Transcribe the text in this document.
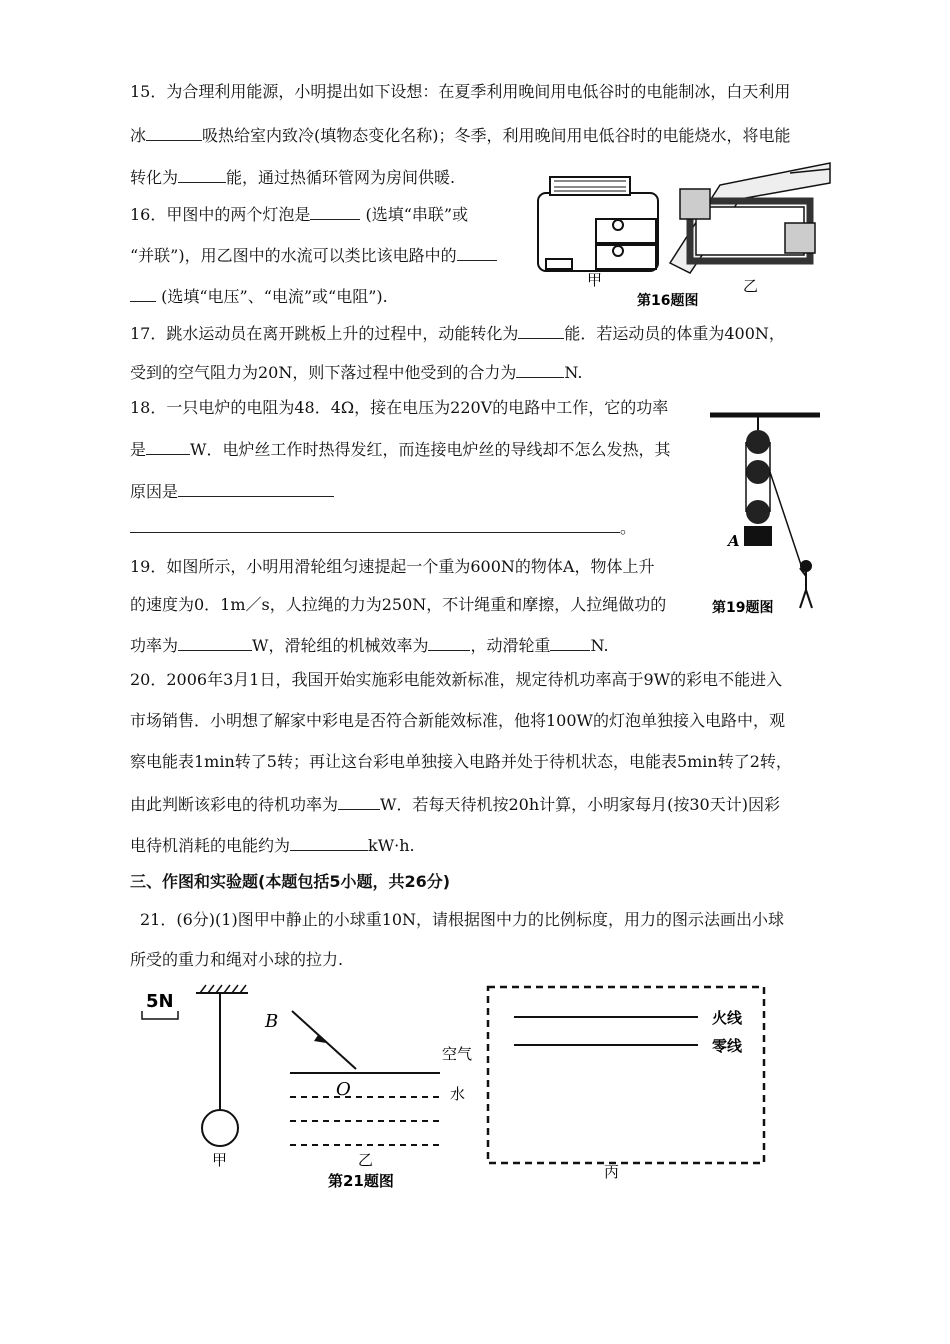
15．为合理利用能源，小明提出如下设想：在夏季利用晚间用电低谷时的电能制冰，白天利用
冰	吸热给室内致冷(填物态变化名称)；冬季，利用晚间用电低谷时的电能烧水，将电能
转化为	能，通过热循环管网为房间供暖.
16．甲图中的两个灯泡是	(选填“串联”或
“并联”)，用乙图中的水流可以类比该电路中的
(选填“电压”、“电流”或“电阻”).
甲	乙
第16题图
17．跳水运动员在离开跳板上升的过程中，动能转化为	能．若运动员的体重为400N，
受到的空气阻力为20N，则下落过程中他受到的合力为	N.
18．一只电炉的电阻为48．4Ω，接在电压为220V的电路中工作，它的功率
是	W．电炉丝工作时热得发红，而连接电炉丝的导线却不怎么发热，其
原因是
。
19．如图所示，小明用滑轮组匀速提起一个重为600N的物体A，物体上升
的速度为0．1m／s，人拉绳的力为250N，不计绳重和摩擦，人拉绳做功的
功率为	W，滑轮组的机械效率为	，动滑轮重	N.
A
第19题图
20．2006年3月1日，我国开始实施彩电能效新标准，规定待机功率高于9W的彩电不能进入
市场销售．小明想了解家中彩电是否符合新能效标准，他将100W的灯泡单独接入电路中，观
察电能表1min转了5转；再让这台彩电单独接入电路并处于待机状态，电能表5min转了2转，
由此判断该彩电的待机功率为	W．若每天待机按20h计算，小明家每月(按30天计)因彩
电待机消耗的电能约为	kW·h.
三、作图和实验题(本题包括5小题，共26分)
21．(6分)(1)图甲中静止的小球重10N，请根据图中力的比例标度，用力的图示法画出小球
所受的重力和绳对小球的拉力.
5N
甲
B
O
空气
水
乙
第21题图
火线
零线
丙
